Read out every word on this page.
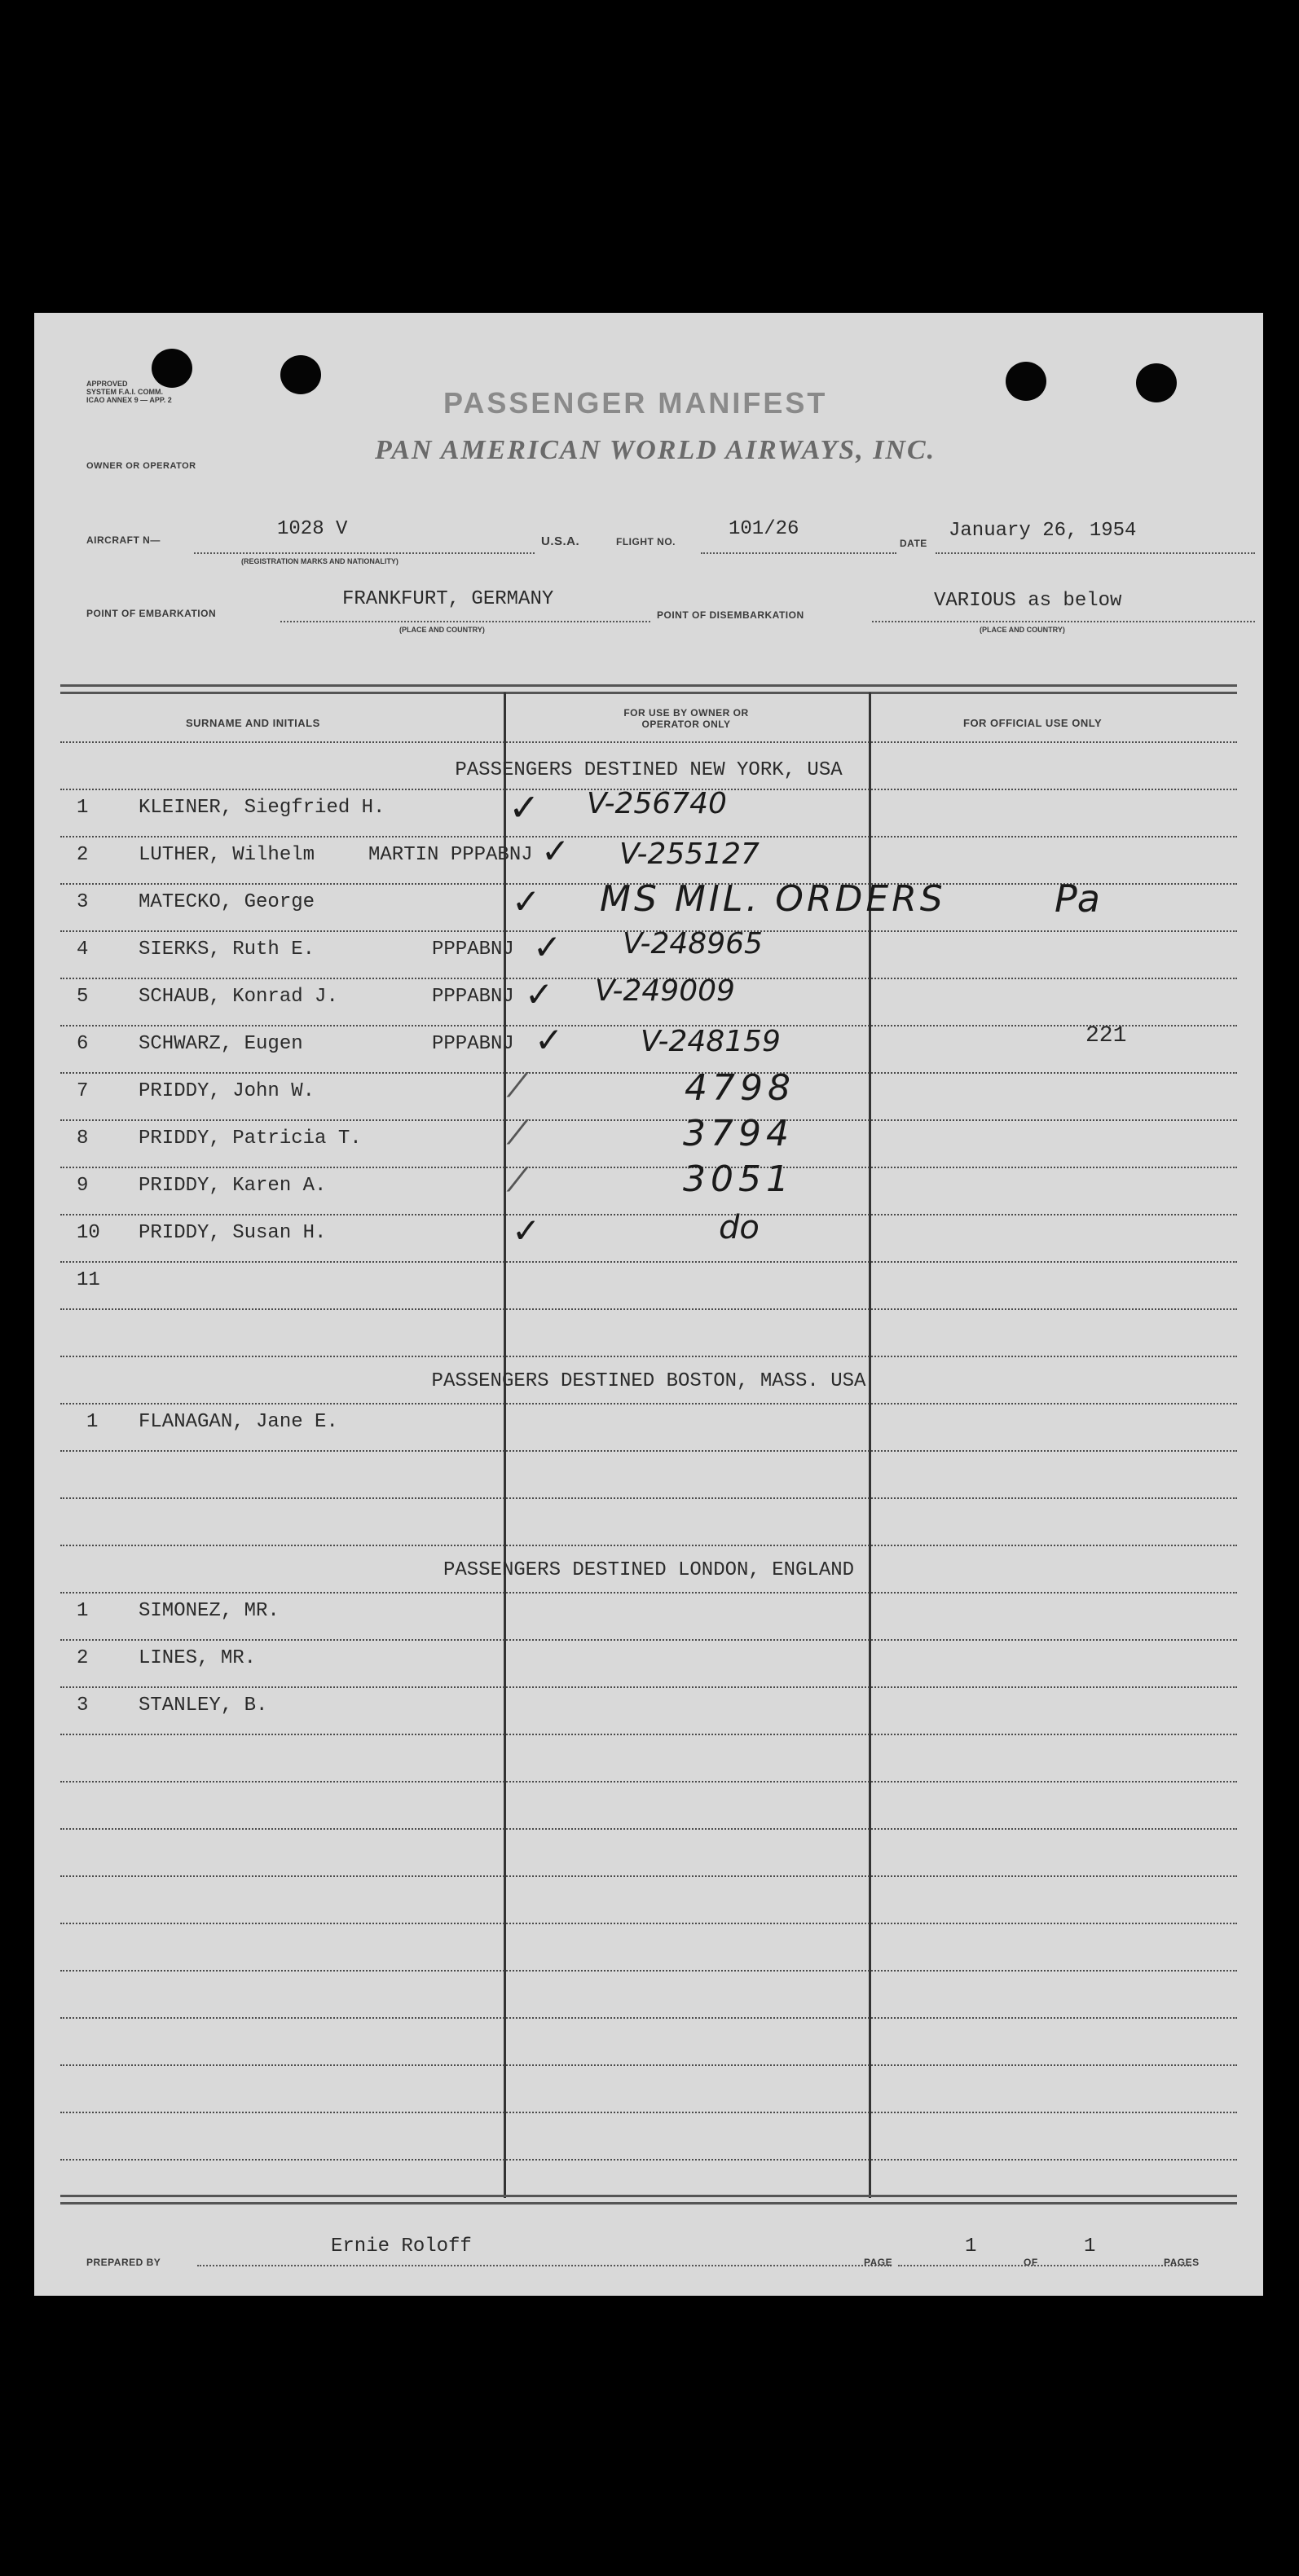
APPROVED
SYSTEM F.A.I. COMM.
ICAO ANNEX 9 — APP. 2
OWNER OR OPERATOR
PASSENGER MANIFEST
PAN AMERICAN WORLD AIRWAYS, INC.
AIRCRAFT N—	1028 V
(REGISTRATION MARKS AND NATIONALITY)
U.S.A.	FLIGHT NO.
101/26
DATE
January 26, 1954
POINT OF EMBARKATION
FRANKFURT, GERMANY
(PLACE AND COUNTRY)
POINT OF DISEMBARKATION
VARIOUS as below
(PLACE AND COUNTRY)
SURNAME AND INITIALS
FOR USE BY OWNER OR OPERATOR ONLY	FOR OFFICIAL USE ONLY
PASSENGERS DESTINED NEW YORK, USA
1	KLEINER, Siegfried H.	✓ V-256740
2	LUTHER, Wilhelm	MARTIN PPPABNJ ✓ V-255127
3	MATECKO, George	✓ MS MIL. ORDERS	Pa
4	SIERKS, Ruth E.	PPPABNJ ✓ V-248965
5	SCHAUB, Konrad J.	PPPABNJ ✓ V-249009
6	SCHWARZ, Eugen	PPPABNJ ✓	V-248159	221
7	PRIDDY, John W.	⁄	4798
8	PRIDDY, Patricia T.	⁄	3794
9	PRIDDY, Karen A.	⁄	3051
10 PRIDDY, Susan H.	✓	do
11
PASSENGERS DESTINED BOSTON, MASS. USA
1 FLANAGAN, Jane E.
PASSENGERS DESTINED LONDON, ENGLAND
1	SIMONEZ, MR.
2	LINES, MR.
3	STANLEY, B.
PREPARED BY
Ernie Roloff
PAGE
1
OF
1
PAGES
